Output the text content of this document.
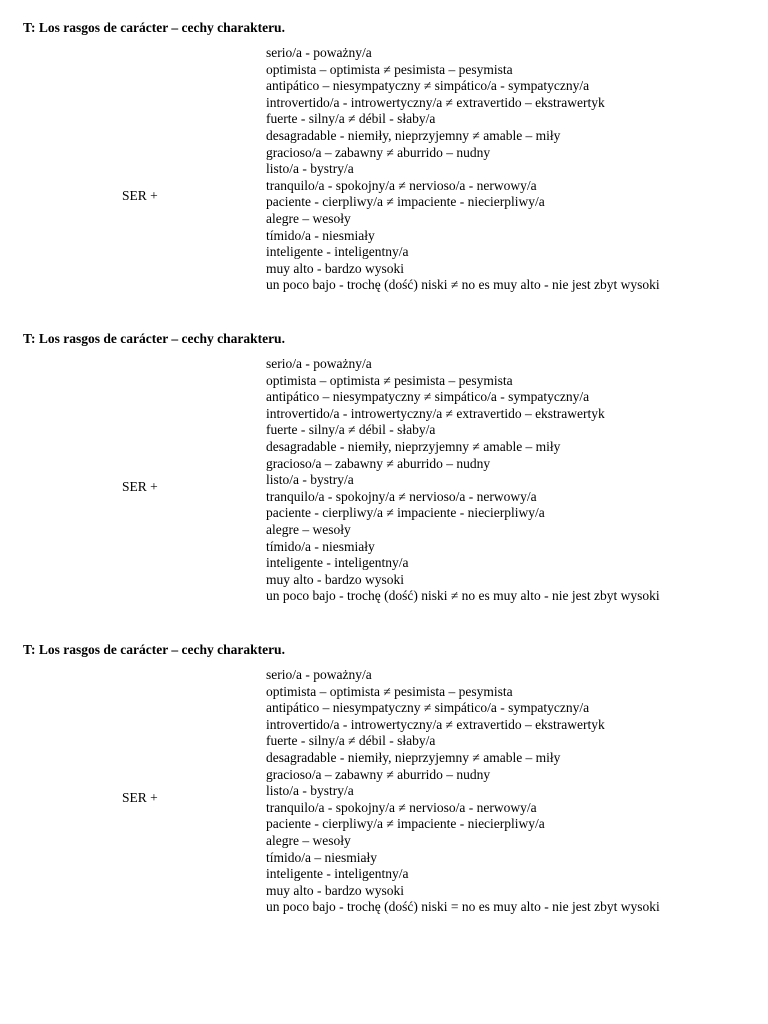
T: Los rasgos de carácter – cechy charakteru.
SER +
serio/a - poważny/a
optimista – optimista ≠ pesimista – pesymista
antipático – niesympatyczny ≠ simpático/a - sympatyczny/a
introvertido/a - introwertyczny/a ≠ extravertido – ekstrawertyk
fuerte - silny/a ≠ débil - słaby/a
desagradable - niemiły, nieprzyjemny ≠ amable – miły
gracioso/a – zabawny ≠ aburrido – nudny
listo/a - bystry/a
tranquilo/a - spokojny/a ≠ nervioso/a - nerwowy/a
paciente - cierpliwy/a ≠ impaciente - niecierpliwy/a
alegre – wesoły
tímido/a - niesmiały
inteligente - inteligentny/a
muy alto - bardzo wysoki
un poco bajo - trochę (dość) niski ≠ no es muy alto - nie jest zbyt wysoki
T: Los rasgos de carácter – cechy charakteru.
SER +
serio/a - poważny/a
optimista – optimista ≠ pesimista – pesymista
antipático – niesympatyczny ≠ simpático/a - sympatyczny/a
introvertido/a - introwertyczny/a ≠ extravertido – ekstrawertyk
fuerte - silny/a ≠ débil - słaby/a
desagradable - niemiły, nieprzyjemny ≠ amable – miły
gracioso/a – zabawny ≠ aburrido – nudny
listo/a - bystry/a
tranquilo/a - spokojny/a ≠ nervioso/a - nerwowy/a
paciente - cierpliwy/a ≠ impaciente - niecierpliwy/a
alegre – wesoły
tímido/a - niesmiały
inteligente - inteligentny/a
muy alto - bardzo wysoki
un poco bajo - trochę (dość) niski ≠ no es muy alto - nie jest zbyt wysoki
T: Los rasgos de carácter – cechy charakteru.
SER +
serio/a - poważny/a
optimista – optimista ≠ pesimista – pesymista
antipático – niesympatyczny ≠ simpático/a - sympatyczny/a
introvertido/a - introwertyczny/a ≠ extravertido – ekstrawertyk
fuerte - silny/a ≠ débil - słaby/a
desagradable - niemiły, nieprzyjemny ≠ amable – miły
gracioso/a – zabawny ≠ aburrido – nudny
listo/a - bystry/a
tranquilo/a - spokojny/a ≠ nervioso/a - nerwowy/a
paciente - cierpliwy/a ≠ impaciente - niecierpliwy/a
alegre – wesoły
tímido/a – niesmiały
inteligente - inteligentny/a
muy alto - bardzo wysoki
un poco bajo - trochę (dość) niski = no es muy alto - nie jest zbyt wysoki
